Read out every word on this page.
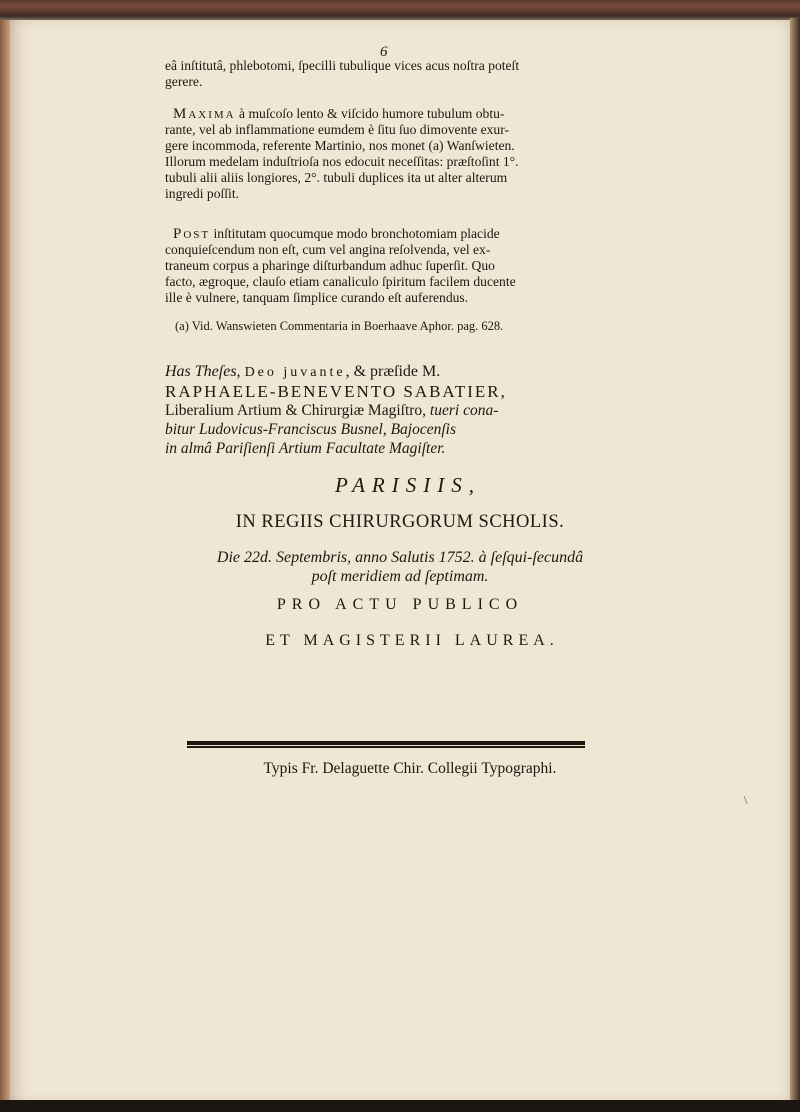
6

eâ inſtitutâ, phlebotomi, ſpecilli tubulique vices acus noſtra poteſt

gerere.

Maxima à muſcoſo lento & viſcido humore tubulum obtu-

rante, vel ab inflammatione eumdem è ſitu ſuo dimovente exur-

gere incommoda, referente Martinio, nos monet (a) Wanſwieten.

Illorum medelam induſtrioſa nos edocuit neceſſitas: præſtoſint 1°.

tubuli alii aliis longiores, 2°. tubuli duplices ita ut alter alterum

ingredi poſſit.

Post inſtitutam quocumque modo bronchotomiam placide

conquieſcendum non eſt, cum vel angina reſolvenda, vel ex-

traneum corpus a pharinge diſturbandum adhuc ſuperſit. Quo

facto, ægroque, clauſo etiam canaliculo ſpiritum facilem ducente

ille è vulnere, tanquam ſimplice curando eſt auferendus.

(a) Vid. Wanswieten Commentaria in Boerhaave Aphor. pag. 628.
Has Theſes, Deo juvante, & præſide M.
RAPHAELE-BENEVENTO SABATIER,
Liberalium Artium & Chirurgiæ Magiſtro, tueri cona-
bitur Ludovicus-Franciscus Busnel, Bajocenſis
in almâ Pariſienſi Artium Facultate Magiſter.
PARISIIS,
IN REGIIS CHIRURGORUM SCHOLIS.
Die 22d. Septembris, anno Salutis 1752. à ſeſqui-ſecundâ
poſt meridiem ad ſeptimam.
PRO ACTU PUBLICO
ET MAGISTERII LAUREA.
Typis Fr. Delaguette Chir. Collegii Typographi.
\
